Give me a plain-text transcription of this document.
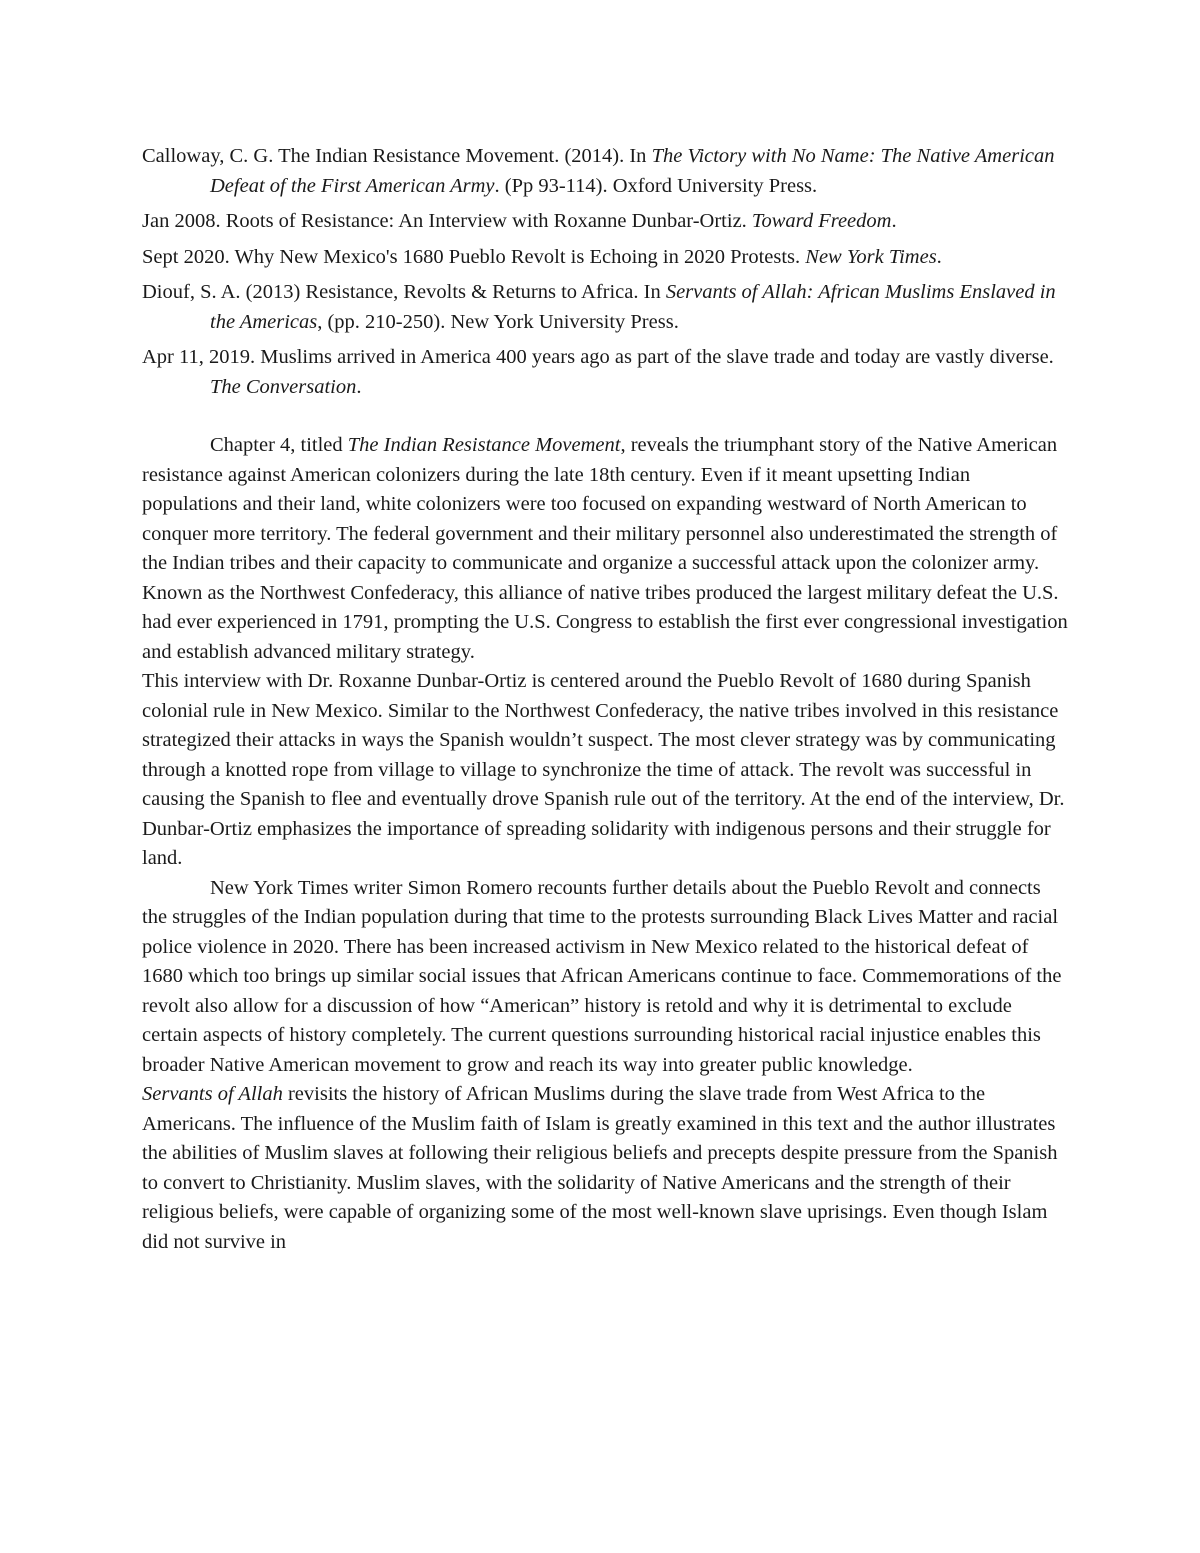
Calloway, C. G. The Indian Resistance Movement. (2014). In The Victory with No Name: The Native American Defeat of the First American Army. (Pp 93-114). Oxford University Press.

Jan 2008. Roots of Resistance: An Interview with Roxanne Dunbar-Ortiz. Toward Freedom.

Sept 2020. Why New Mexico's 1680 Pueblo Revolt is Echoing in 2020 Protests. New York Times.

Diouf, S. A. (2013) Resistance, Revolts & Returns to Africa. In Servants of Allah: African Muslims Enslaved in the Americas, (pp. 210-250). New York University Press.

Apr 11, 2019. Muslims arrived in America 400 years ago as part of the slave trade and today are vastly diverse. The Conversation.

Chapter 4, titled The Indian Resistance Movement, reveals the triumphant story of the Native American resistance against American colonizers during the late 18th century. Even if it meant upsetting Indian populations and their land, white colonizers were too focused on expanding westward of North American to conquer more territory. The federal government and their military personnel also underestimated the strength of the Indian tribes and their capacity to communicate and organize a successful attack upon the colonizer army. Known as the Northwest Confederacy, this alliance of native tribes produced the largest military defeat the U.S. had ever experienced in 1791, prompting the U.S. Congress to establish the first ever congressional investigation and establish advanced military strategy.

This interview with Dr. Roxanne Dunbar-Ortiz is centered around the Pueblo Revolt of 1680 during Spanish colonial rule in New Mexico. Similar to the Northwest Confederacy, the native tribes involved in this resistance strategized their attacks in ways the Spanish wouldn’t suspect. The most clever strategy was by communicating through a knotted rope from village to village to synchronize the time of attack. The revolt was successful in causing the Spanish to flee and eventually drove Spanish rule out of the territory. At the end of the interview, Dr. Dunbar-Ortiz emphasizes the importance of spreading solidarity with indigenous persons and their struggle for land.

New York Times writer Simon Romero recounts further details about the Pueblo Revolt and connects the struggles of the Indian population during that time to the protests surrounding Black Lives Matter and racial police violence in 2020. There has been increased activism in New Mexico related to the historical defeat of 1680 which too brings up similar social issues that African Americans continue to face. Commemorations of the revolt also allow for a discussion of how “American” history is retold and why it is detrimental to exclude certain aspects of history completely. The current questions surrounding historical racial injustice enables this broader Native American movement to grow and reach its way into greater public knowledge.

Servants of Allah revisits the history of African Muslims during the slave trade from West Africa to the Americans. The influence of the Muslim faith of Islam is greatly examined in this text and the author illustrates the abilities of Muslim slaves at following their religious beliefs and precepts despite pressure from the Spanish to convert to Christianity. Muslim slaves, with the solidarity of Native Americans and the strength of their religious beliefs, were capable of organizing some of the most well-known slave uprisings. Even though Islam did not survive in
